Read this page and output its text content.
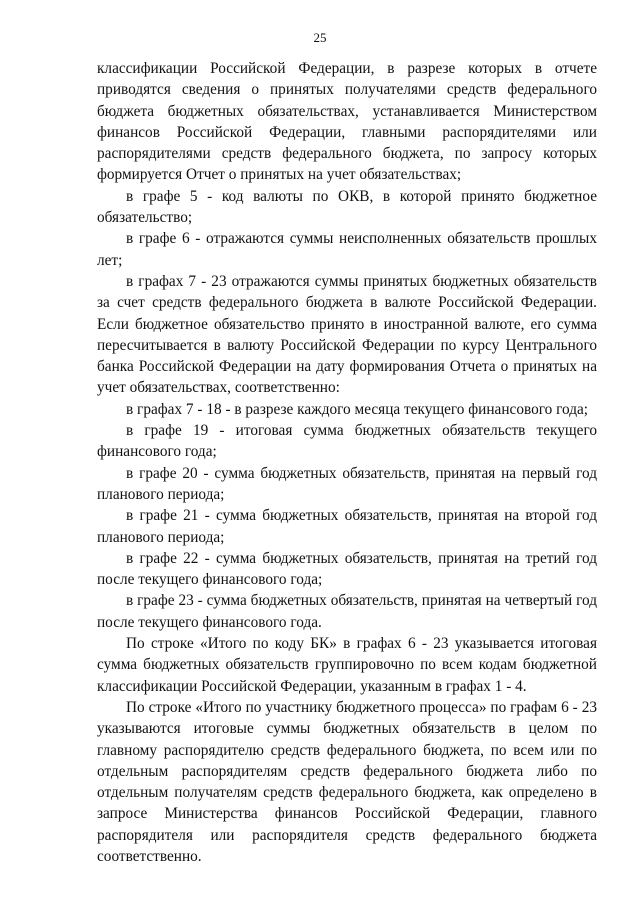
25

классификации Российской Федерации, в разрезе которых в отчете приводятся сведения о принятых получателями средств федерального бюджета бюджетных обязательствах, устанавливается Министерством финансов Российской Федерации, главными распорядителями или распорядителями средств федерального бюджета, по запросу которых формируется Отчет о принятых на учет обязательствах;

в графе 5 - код валюты по ОКВ, в которой принято бюджетное обязательство;

в графе 6 - отражаются суммы неисполненных обязательств прошлых лет;

в графах 7 - 23 отражаются суммы принятых бюджетных обязательств за счет средств федерального бюджета в валюте Российской Федерации. Если бюджетное обязательство принято в иностранной валюте, его сумма пересчитывается в валюту Российской Федерации по курсу Центрального банка Российской Федерации на дату формирования Отчета о принятых на учет обязательствах, соответственно:

в графах 7 - 18 - в разрезе каждого месяца текущего финансового года;

в графе 19 - итоговая сумма бюджетных обязательств текущего финансового года;

в графе 20 - сумма бюджетных обязательств, принятая на первый год планового периода;

в графе 21 - сумма бюджетных обязательств, принятая на второй год планового периода;

в графе 22 - сумма бюджетных обязательств, принятая на третий год после текущего финансового года;

в графе 23 - сумма бюджетных обязательств, принятая на четвертый год после текущего финансового года.

По строке «Итого по коду БК» в графах 6 - 23 указывается итоговая сумма бюджетных обязательств группировочно по всем кодам бюджетной классификации Российской Федерации, указанным в графах 1 - 4.

По строке «Итого по участнику бюджетного процесса» по графам 6 - 23 указываются итоговые суммы бюджетных обязательств в целом по главному распорядителю средств федерального бюджета, по всем или по отдельным распорядителям средств федерального бюджета либо по отдельным получателям средств федерального бюджета, как определено в запросе Министерства финансов Российской Федерации, главного распорядителя или распорядителя средств федерального бюджета соответственно.
